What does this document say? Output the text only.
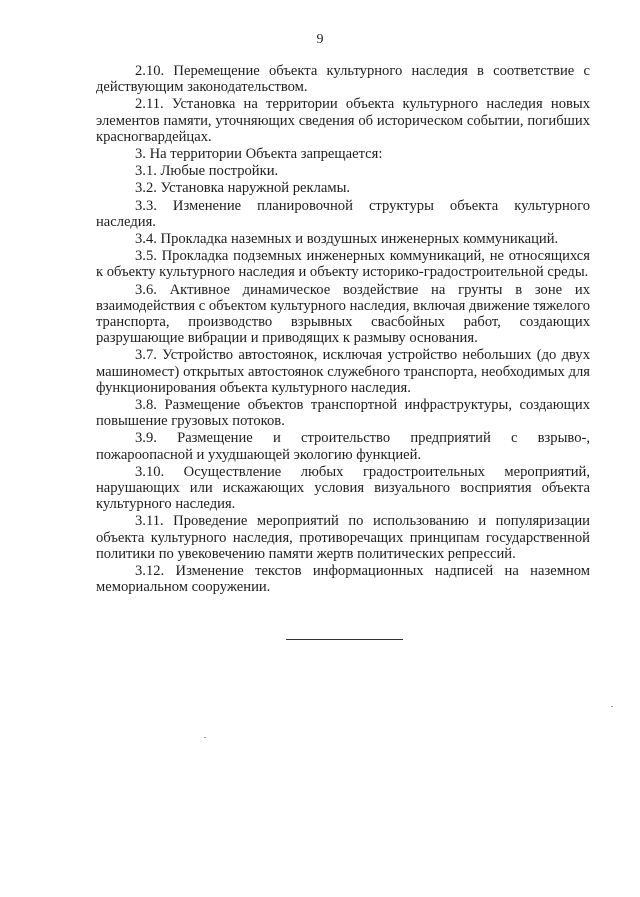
9

2.10. Перемещение объекта культурного наследия в соответствие с действующим законодательством.

2.11. Установка на территории объекта культурного наследия новых элементов памяти, уточняющих сведения об историческом событии, погибших красногвардейцах.

3. На территории Объекта запрещается:

3.1. Любые постройки.

3.2. Установка наружной рекламы.

3.3. Изменение планировочной структуры объекта культурного наследия.

3.4. Прокладка наземных и воздушных инженерных коммуникаций.

3.5. Прокладка подземных инженерных коммуникаций, не относящихся к объекту культурного наследия и объекту историко-градостроительной среды.

3.6. Активное динамическое воздействие на грунты в зоне их взаимодействия с объектом культурного наследия, включая движение тяжелого транспорта, производство взрывных свасбойных работ, создающих разрушающие вибрации и приводящих к размыву основания.

3.7. Устройство автостоянок, исключая устройство небольших (до двух машиномест) открытых автостоянок служебного транспорта, необходимых для функционирования объекта культурного наследия.

3.8. Размещение объектов транспортной инфраструктуры, создающих повышение грузовых потоков.

3.9. Размещение и строительство предприятий с взрыво-, пожароопасной и ухудшающей экологию функцией.

3.10. Осуществление любых градостроительных мероприятий, нарушающих или искажающих условия визуального восприятия объекта культурного наследия.

3.11. Проведение мероприятий по использованию и популяризации объекта культурного наследия, противоречащих принципам государственной политики по увековечению памяти жертв политических репрессий.

3.12. Изменение текстов информационных надписей на наземном мемориальном сооружении.
